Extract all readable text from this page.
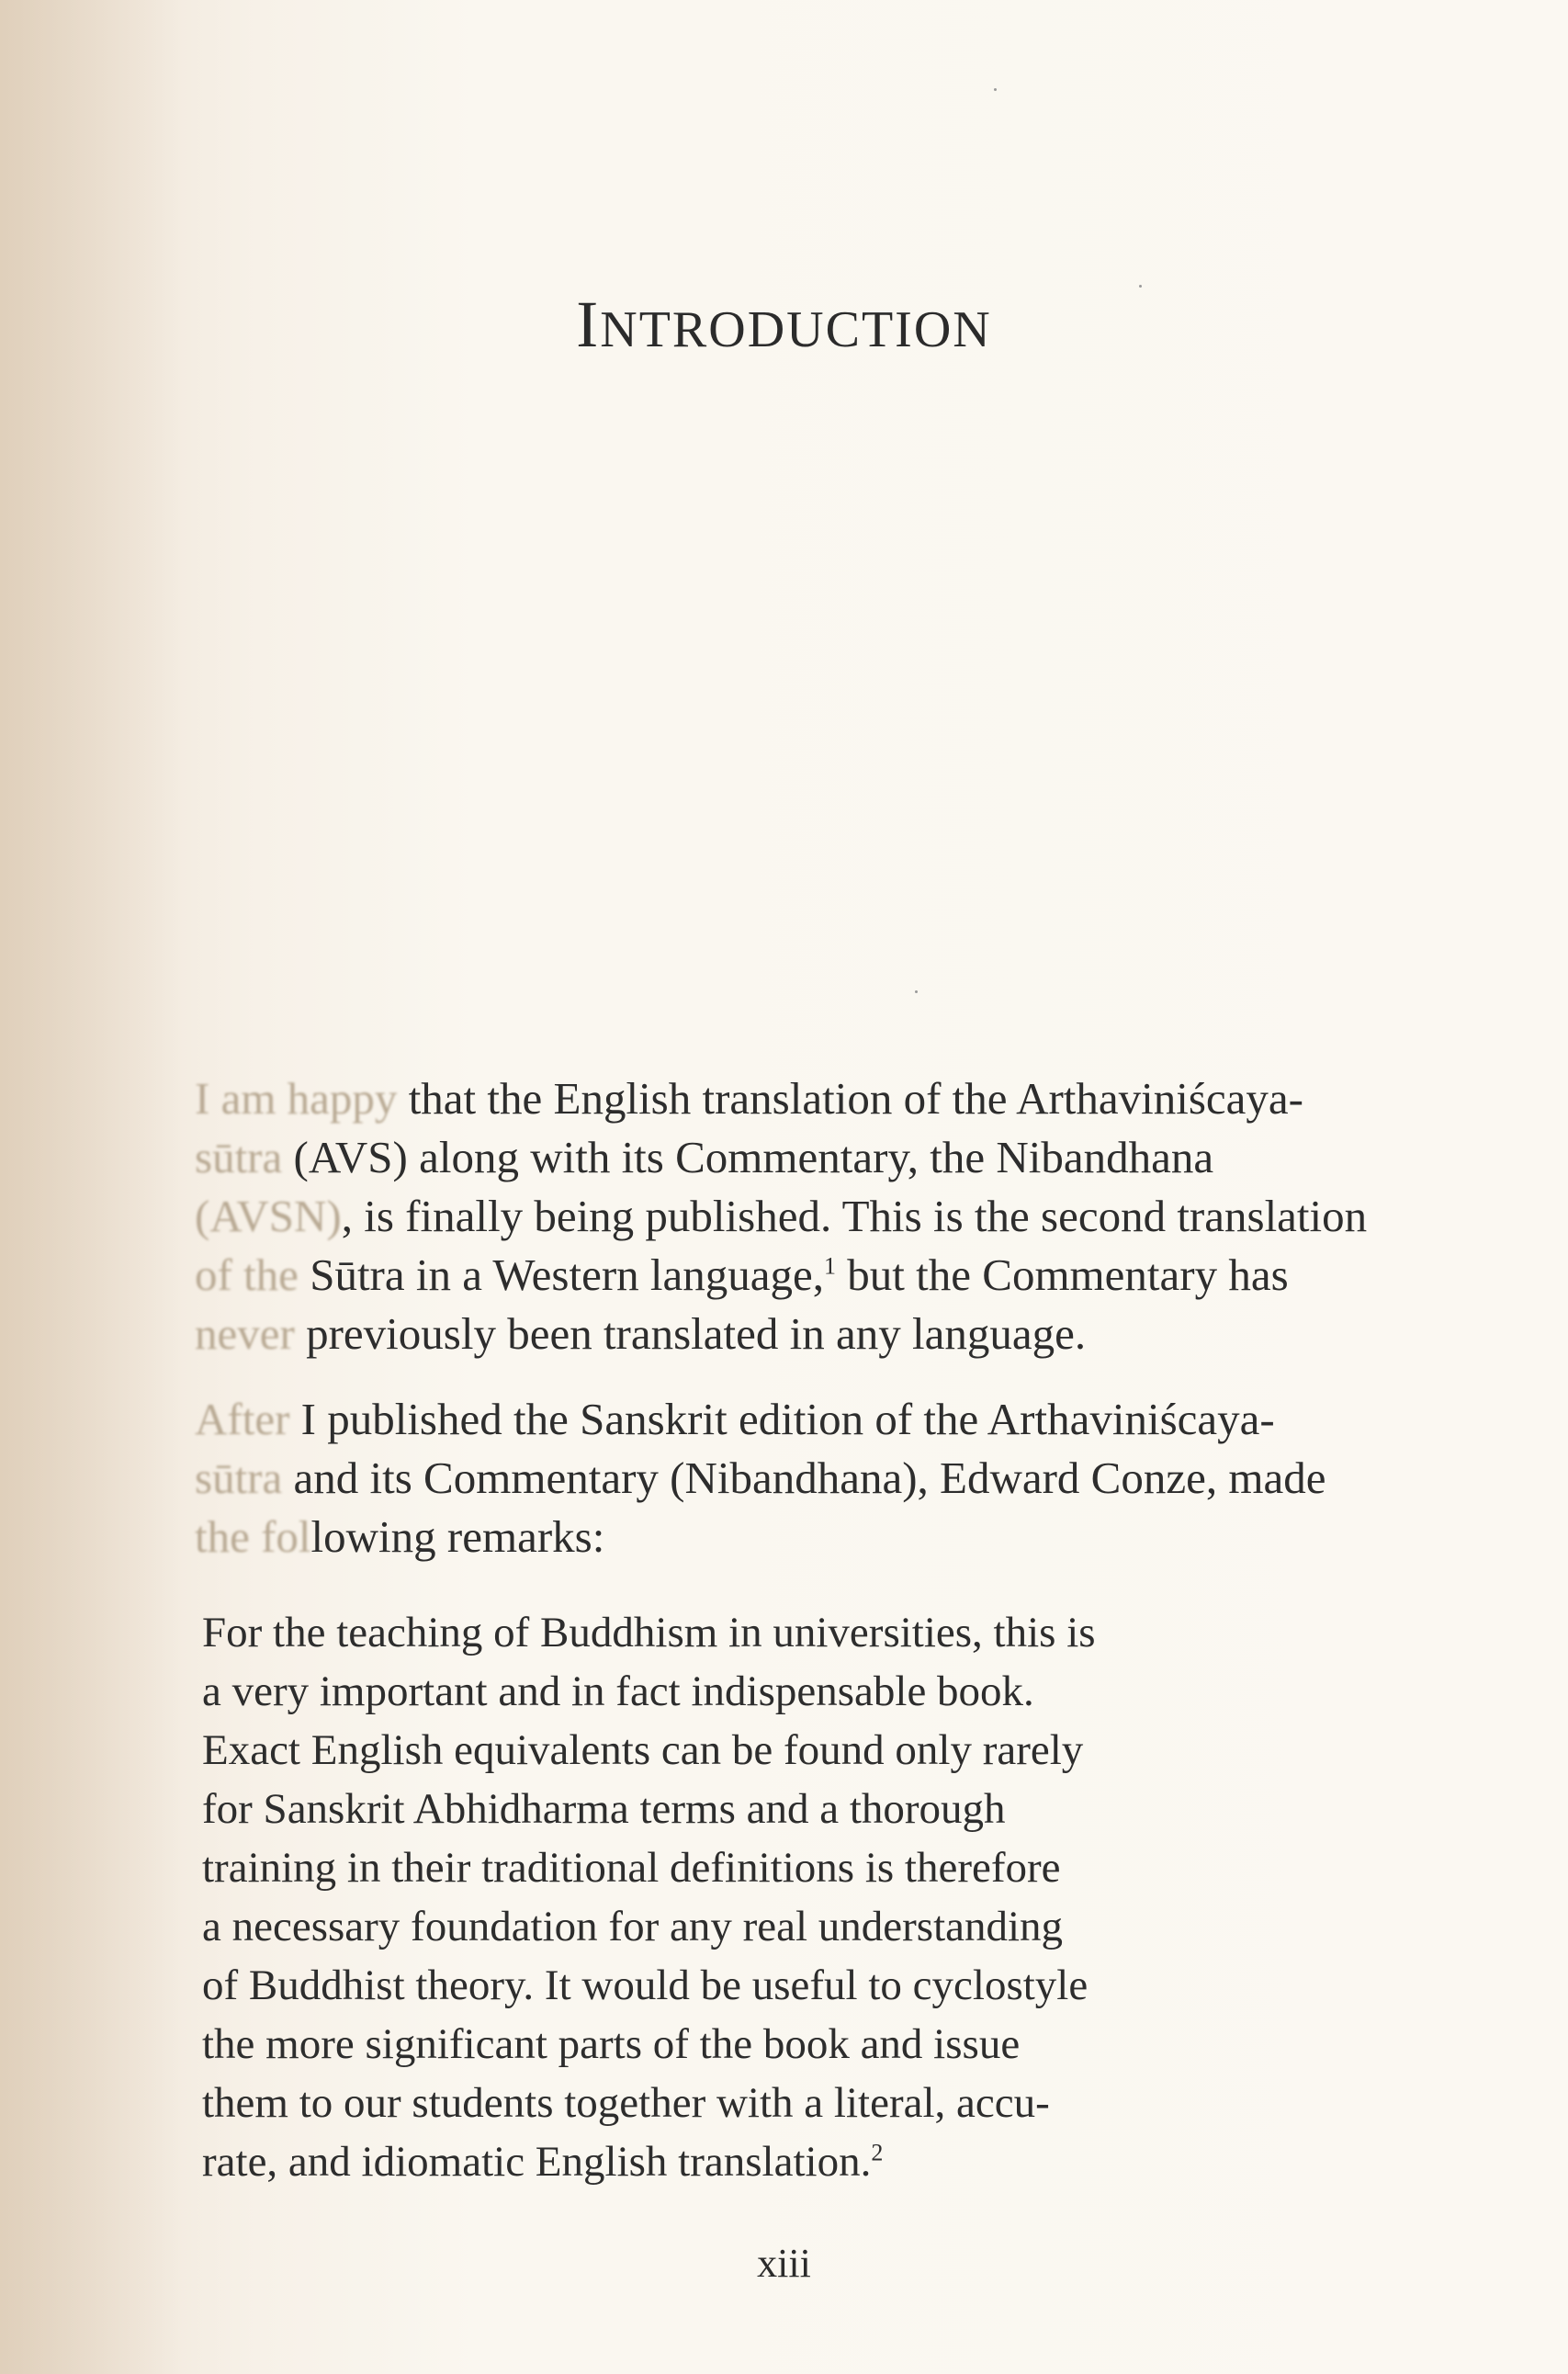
INTRODUCTION

I am happy that the English translation of the Arthaviniścaya-
sūtra (AVS) along with its Commentary, the Nibandhana
(AVSN), is finally being published. This is the second translation
of the Sūtra in a Western language,$^1$ but the Commentary has
never previously been translated in any language.

After I published the Sanskrit edition of the Arthaviniścaya-
sūtra and its Commentary (Nibandhana), Edward Conze, made
the following remarks:

For the teaching of Buddhism in universities, this is
a very important and in fact indispensable book.
Exact English equivalents can be found only rarely
for Sanskrit Abhidharma terms and a thorough
training in their traditional definitions is therefore
a necessary foundation for any real understanding
of Buddhist theory. It would be useful to cyclostyle
the more significant parts of the book and issue
them to our students together with a literal, accu-
rate, and idiomatic English translation.$^2$

xiii
